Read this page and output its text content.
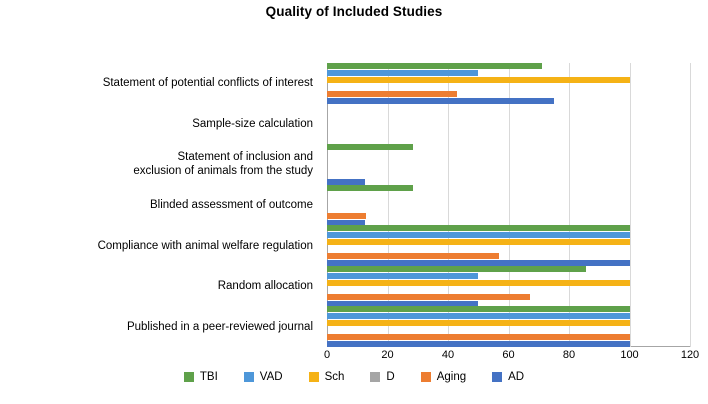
Quality of Included Studies
Statement of potential conflicts of interest
Sample-size calculation
Statement of inclusion and
exclusion of animals from the study
Blinded assessment of outcome
Compliance with animal welfare regulation
Random allocation
Published in a peer-reviewed journal
0	20	40	60	80	100	120
TBI	VAD	Sch	D	Aging	AD
